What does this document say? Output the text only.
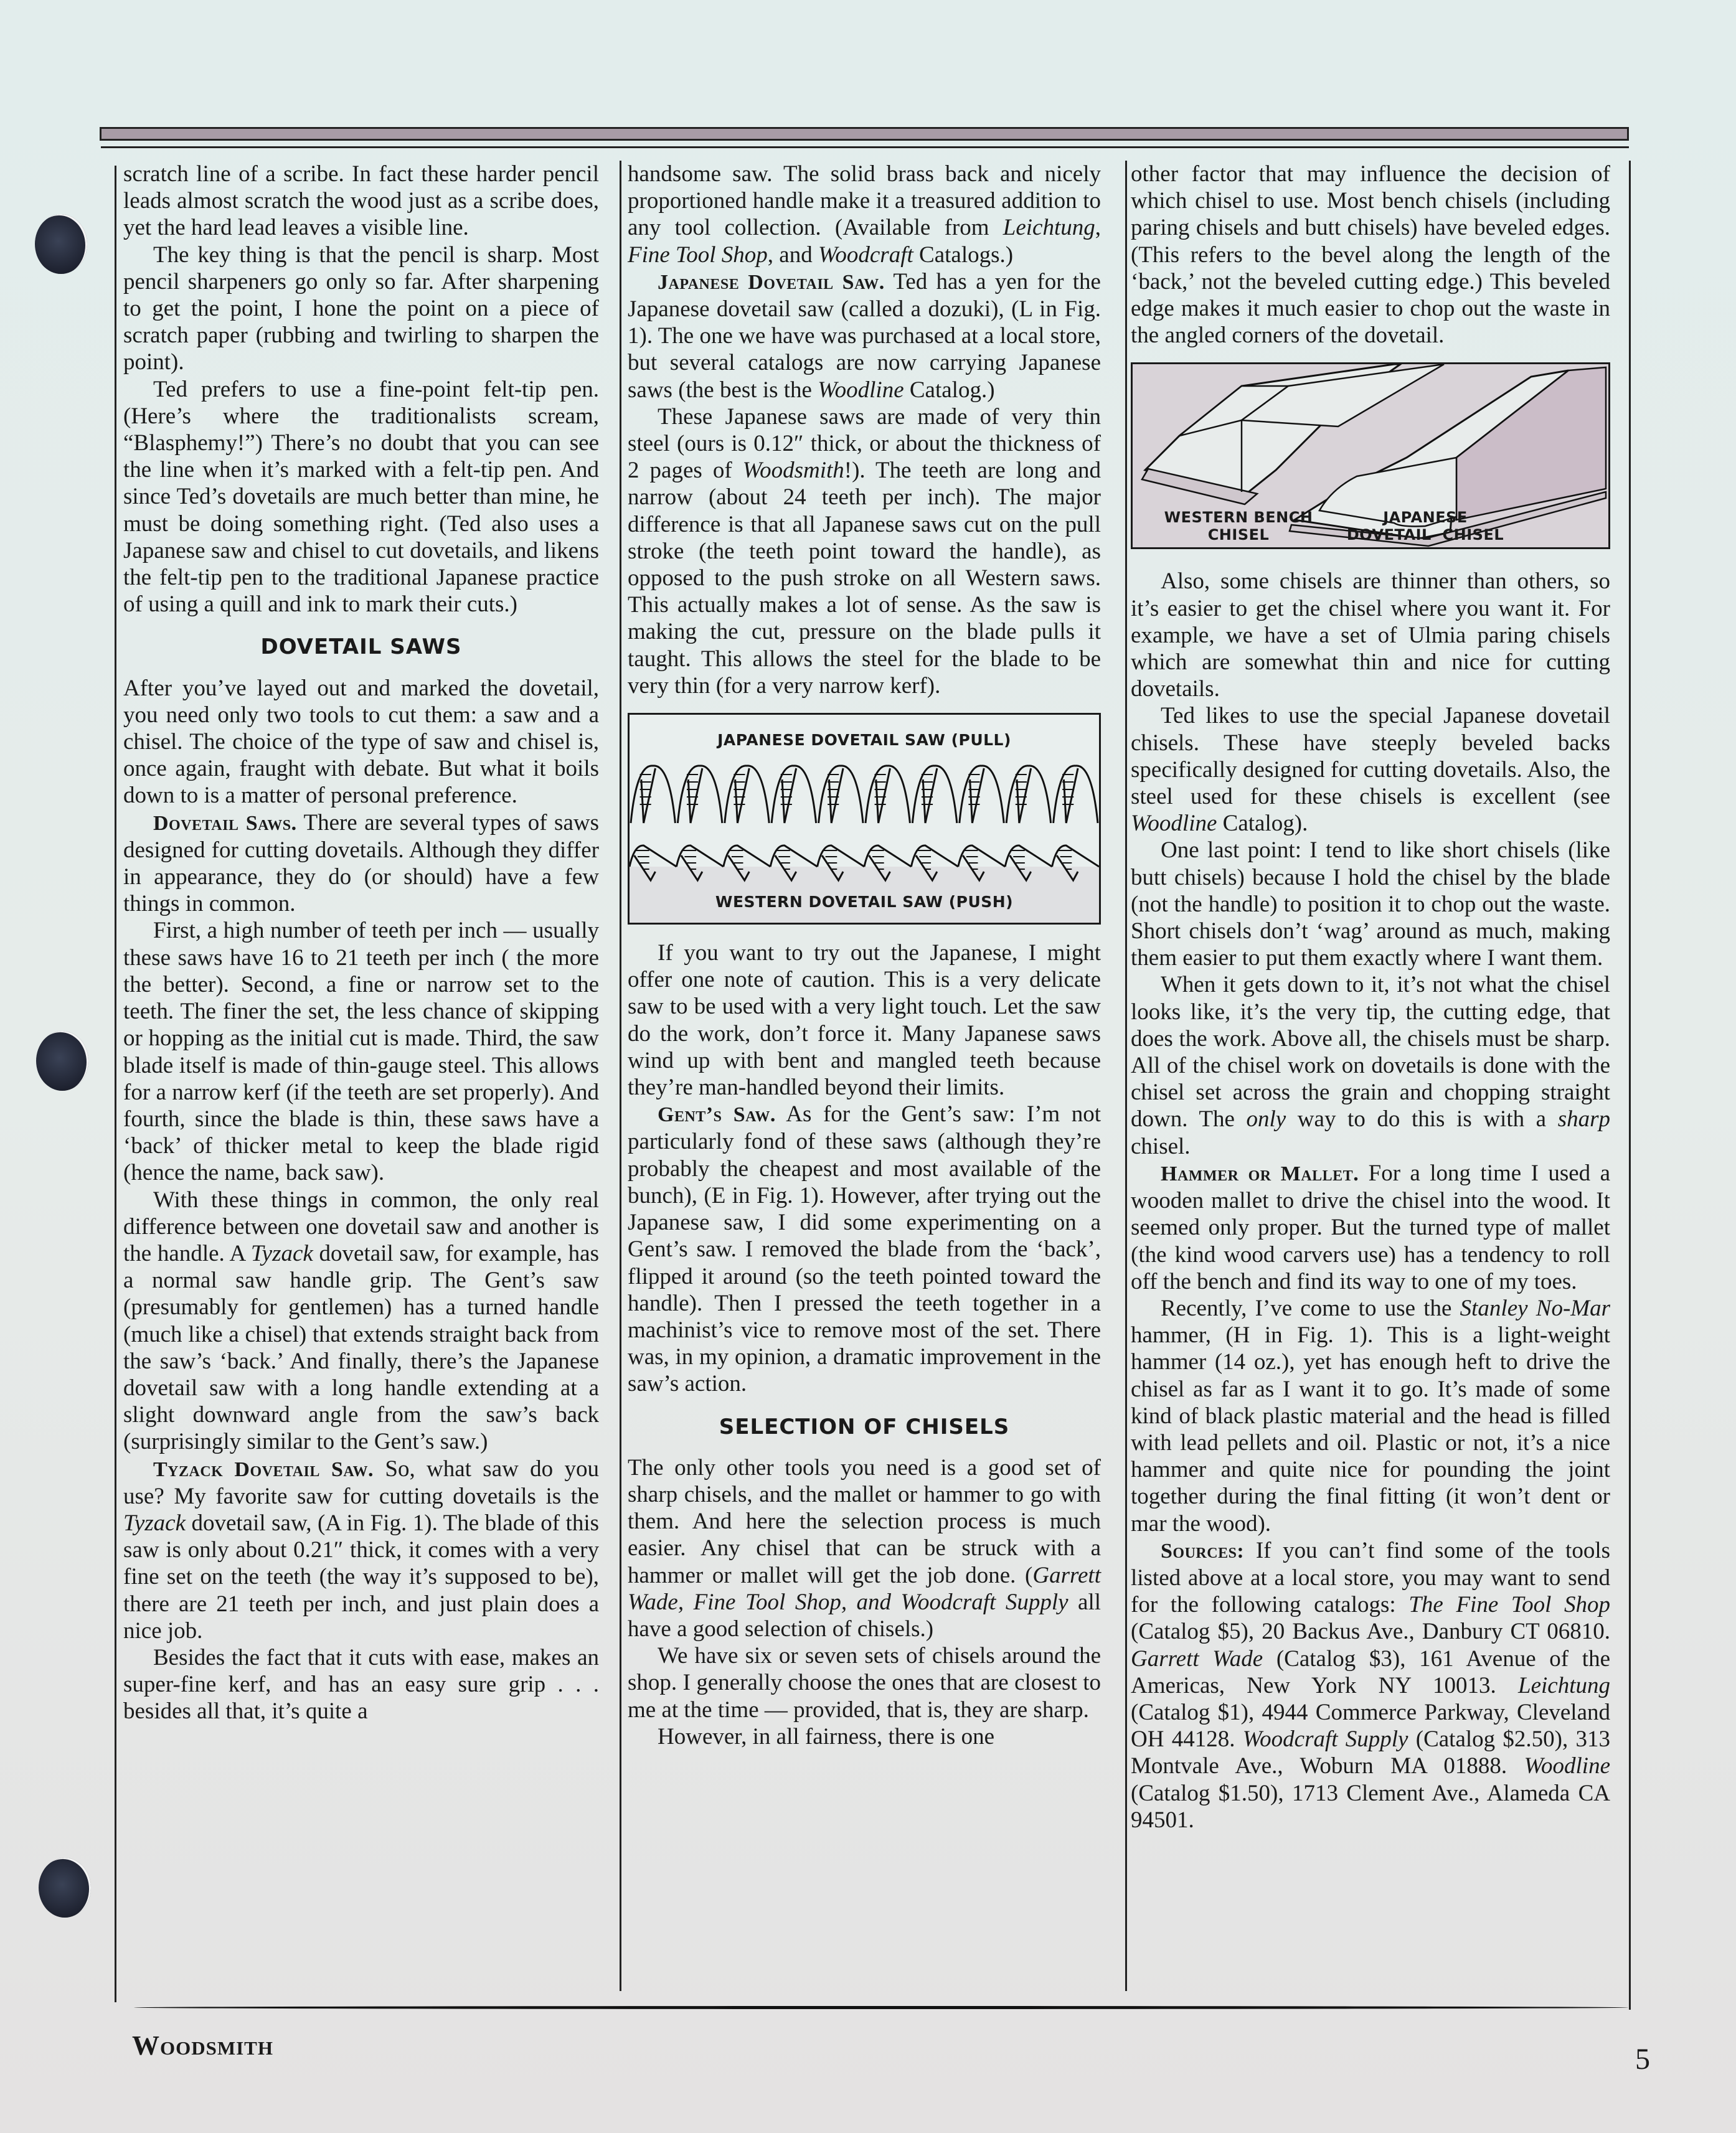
scratch line of a scribe. In fact these harder pencil leads almost scratch the wood just as a scribe does, yet the hard lead leaves a visible line.

The key thing is that the pencil is sharp. Most pencil sharpeners go only so far. After sharpening to get the point, I hone the point on a piece of scratch paper (rubbing and twirling to sharpen the point).

Ted prefers to use a fine-point felt-tip pen. (Here’s where the traditionalists scream, “Blasphemy!”) There’s no doubt that you can see the line when it’s marked with a felt-tip pen. And since Ted’s dovetails are much better than mine, he must be doing something right. (Ted also uses a Japanese saw and chisel to cut dovetails, and likens the felt-tip pen to the traditional Japanese practice of using a quill and ink to mark their cuts.)

DOVETAIL SAWS

After you’ve layed out and marked the dovetail, you need only two tools to cut them: a saw and a chisel. The choice of the type of saw and chisel is, once again, fraught with debate. But what it boils down to is a matter of personal preference.

Dovetail Saws. There are several types of saws designed for cutting dovetails. Although they differ in appearance, they do (or should) have a few things in common.

First, a high number of teeth per inch — usually these saws have 16 to 21 teeth per inch ( the more the better). Second, a fine or narrow set to the teeth. The finer the set, the less chance of skipping or hopping as the initial cut is made. Third, the saw blade itself is made of thin-gauge steel. This allows for a narrow kerf (if the teeth are set properly). And fourth, since the blade is thin, these saws have a ‘back’ of thicker metal to keep the blade rigid (hence the name, back saw).

With these things in common, the only real difference between one dovetail saw and another is the handle. A Tyzack dovetail saw, for example, has a normal saw handle grip. The Gent’s saw (presumably for gentlemen) has a turned handle (much like a chisel) that extends straight back from the saw’s ‘back.’ And finally, there’s the Japanese dovetail saw with a long handle extending at a slight downward angle from the saw’s back (surprisingly similar to the Gent’s saw.)

Tyzack Dovetail Saw. So, what saw do you use? My favorite saw for cutting dovetails is the Tyzack dovetail saw, (A in Fig. 1). The blade of this saw is only about 0.21″ thick, it comes with a very fine set on the teeth (the way it’s supposed to be), there are 21 teeth per inch, and just plain does a nice job.

Besides the fact that it cuts with ease, makes an super-fine kerf, and has an easy sure grip . . . besides all that, it’s quite a

handsome saw. The solid brass back and nicely proportioned handle make it a treasured addition to any tool collection. (Available from Leichtung, Fine Tool Shop, and Woodcraft Catalogs.)

Japanese Dovetail Saw. Ted has a yen for the Japanese dovetail saw (called a dozuki), (L in Fig. 1). The one we have was purchased at a local store, but several catalogs are now carrying Japanese saws (the best is the Woodline Catalog.)

These Japanese saws are made of very thin steel (ours is 0.12″ thick, or about the thickness of 2 pages of Woodsmith!). The teeth are long and narrow (about 24 teeth per inch). The major difference is that all Japanese saws cut on the pull stroke (the teeth point toward the handle), as opposed to the push stroke on all Western saws. This actually makes a lot of sense. As the saw is making the cut, pressure on the blade pulls it taught. This allows the steel for the blade to be very thin (for a very narrow kerf).

JAPANESE DOVETAIL SAW (PULL)
WESTERN DOVETAIL SAW (PUSH)

If you want to try out the Japanese, I might offer one note of caution. This is a very delicate saw to be used with a very light touch. Let the saw do the work, don’t force it. Many Japanese saws wind up with bent and mangled teeth because they’re man-handled beyond their limits.

Gent’s Saw. As for the Gent’s saw: I’m not particularly fond of these saws (although they’re probably the cheapest and most available of the bunch), (E in Fig. 1). However, after trying out the Japanese saw, I did some experimenting on a Gent’s saw. I removed the blade from the ‘back’, flipped it around (so the teeth pointed toward the handle). Then I pressed the teeth together in a machinist’s vice to remove most of the set. There was, in my opinion, a dramatic improvement in the saw’s action.

SELECTION OF CHISELS

The only other tools you need is a good set of sharp chisels, and the mallet or hammer to go with them. And here the selection process is much easier. Any chisel that can be struck with a hammer or mallet will get the job done. (Garrett Wade, Fine Tool Shop, and Woodcraft Supply all have a good selection of chisels.)

We have six or seven sets of chisels around the shop. I generally choose the ones that are closest to me at the time — provided, that is, they are sharp.

However, in all fairness, there is one

other factor that may influence the decision of which chisel to use. Most bench chisels (including paring chisels and butt chisels) have beveled edges. (This refers to the bevel along the length of the ‘back,’ not the beveled cutting edge.) This beveled edge makes it much easier to chop out the waste in the angled corners of the dovetail.

WESTERN BENCH
CHISEL
JAPANESE
DOVETAIL  CHISEL

Also, some chisels are thinner than others, so it’s easier to get the chisel where you want it. For example, we have a set of Ulmia paring chisels which are somewhat thin and nice for cutting dovetails.

Ted likes to use the special Japanese dovetail chisels. These have steeply beveled backs specifically designed for cutting dovetails. Also, the steel used for these chisels is excellent (see Woodline Catalog).

One last point: I tend to like short chisels (like butt chisels) because I hold the chisel by the blade (not the handle) to position it to chop out the waste. Short chisels don’t ‘wag’ around as much, making them easier to put them exactly where I want them.

When it gets down to it, it’s not what the chisel looks like, it’s the very tip, the cutting edge, that does the work. Above all, the chisels must be sharp. All of the chisel work on dovetails is done with the chisel set across the grain and chopping straight down. The only way to do this is with a sharp chisel.

Hammer or Mallet. For a long time I used a wooden mallet to drive the chisel into the wood. It seemed only proper. But the turned type of mallet (the kind wood carvers use) has a tendency to roll off the bench and find its way to one of my toes.

Recently, I’ve come to use the Stanley No-Mar hammer, (H in Fig. 1). This is a light-weight hammer (14 oz.), yet has enough heft to drive the chisel as far as I want it to go. It’s made of some kind of black plastic material and the head is filled with lead pellets and oil. Plastic or not, it’s a nice hammer and quite nice for pounding the joint together during the final fitting (it won’t dent or mar the wood).

Sources: If you can’t find some of the tools listed above at a local store, you may want to send for the following catalogs: The Fine Tool Shop (Catalog $5), 20 Backus Ave., Danbury CT 06810. Garrett Wade (Catalog $3), 161 Avenue of the Americas, New York NY 10013. Leichtung (Catalog $1), 4944 Commerce Parkway, Cleveland OH 44128. Woodcraft Supply (Catalog $2.50), 313 Montvale Ave., Woburn MA 01888. Woodline (Catalog $1.50), 1713 Clement Ave., Alameda CA 94501.

Woodsmith	5
